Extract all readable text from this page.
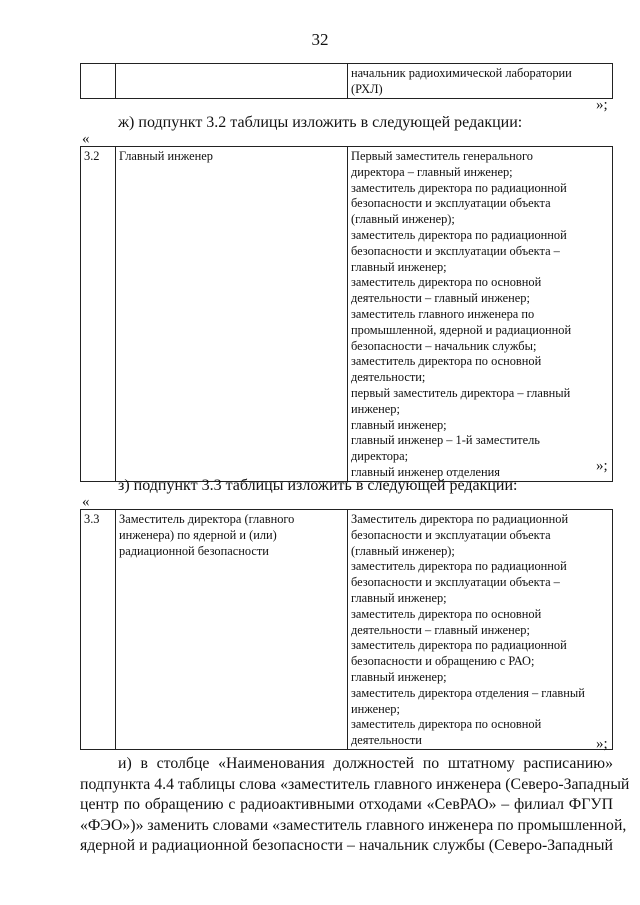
32

начальник радиохимической лаборатории
(РХЛ)
»;
ж) подпункт 3.2 таблицы изложить в следующей редакции:
«
3.2	Главный инженер	Первый заместитель генерального
директора – главный инженер;
заместитель директора по радиационной
безопасности и эксплуатации объекта
(главный инженер);
заместитель директора по радиационной
безопасности и эксплуатации объекта –
главный инженер;
заместитель директора по основной
деятельности – главный инженер;
заместитель главного инженера по
промышленной, ядерной и радиационной
безопасности – начальник службы;
заместитель директора по основной
деятельности;
первый заместитель директора – главный
инженер;
главный инженер;
главный инженер – 1-й заместитель
директора;
главный инженер отделения	»;
з) подпункт 3.3 таблицы изложить в следующей редакции:
«
3.3	Заместитель директора (главного
инженера) по ядерной и (или)
радиационной безопасности

Заместитель директора по радиационной
безопасности и эксплуатации объекта
(главный инженер);
заместитель директора по радиационной
безопасности и эксплуатации объекта –
главный инженер;
заместитель директора по основной
деятельности – главный инженер;
заместитель директора по радиационной
безопасности и обращению с РАО;
главный инженер;
заместитель директора отделения – главный
инженер;
заместитель директора по основной
деятельности	»;
и) в столбце «Наименования должностей по штатному расписанию»
подпункта 4.4 таблицы слова «заместитель главного инженера (Северо-Западный
центр по обращению с радиоактивными отходами «СевРАО» – филиал ФГУП
«ФЭО»)» заменить словами «заместитель главного инженера по промышленной,
ядерной и радиационной безопасности – начальник службы (Северо-Западный
